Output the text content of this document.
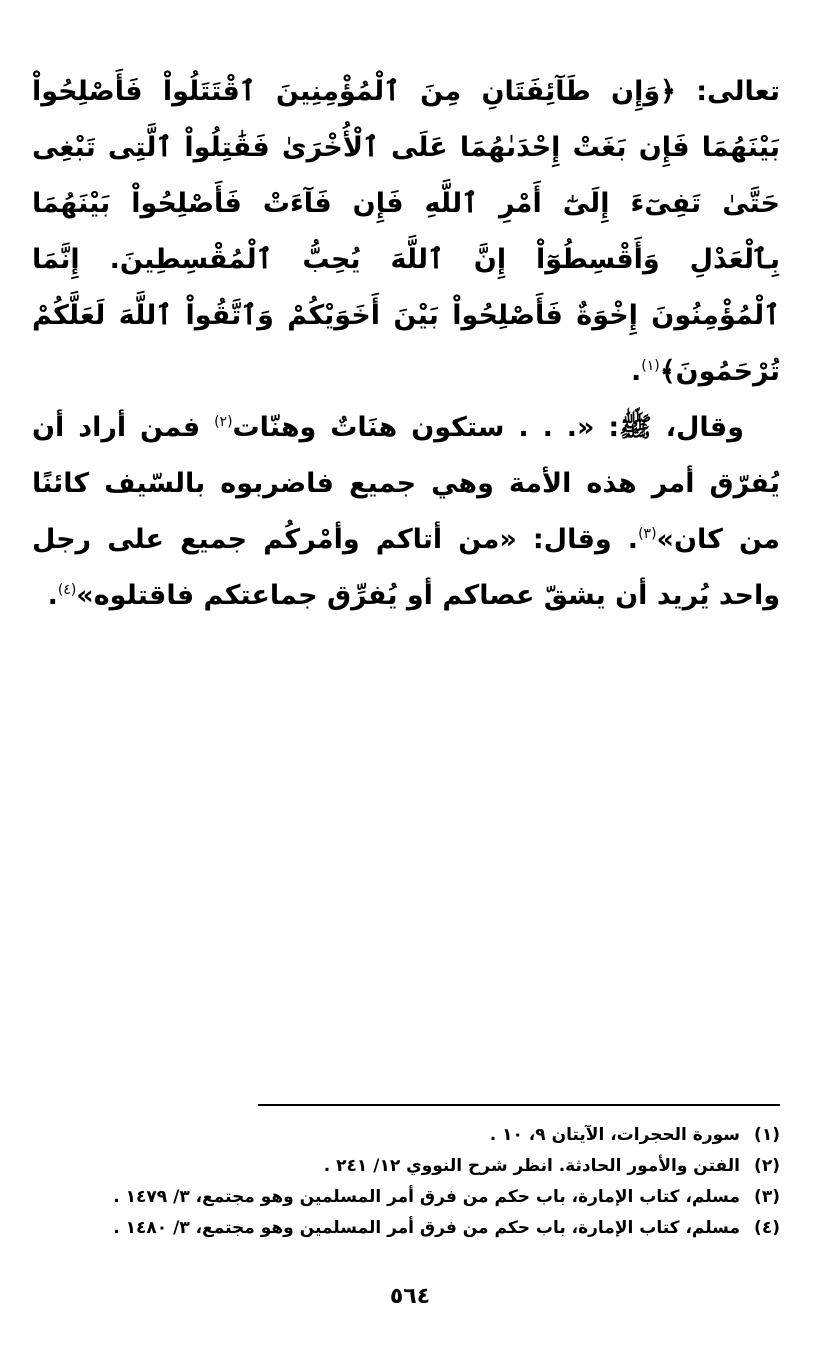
تعالى: ﴿وَإِن طَآئِفَتَانِ مِنَ ٱلْمُؤْمِنِينَ ٱقْتَتَلُواْ فَأَصْلِحُواْ بَيْنَهُمَا فَإِن بَغَتْ إِحْدَىٰهُمَا عَلَى ٱلْأُخْرَىٰ فَقَٰتِلُواْ ٱلَّتِى تَبْغِى حَتَّىٰ تَفِىٓءَ إِلَىٰٓ أَمْرِ ٱللَّهِ فَإِن فَآءَتْ فَأَصْلِحُواْ بَيْنَهُمَا بِٱلْعَدْلِ وَأَقْسِطُوٓاْ إِنَّ ٱللَّهَ يُحِبُّ ٱلْمُقْسِطِينَ. إِنَّمَا ٱلْمُؤْمِنُونَ إِخْوَةٌ فَأَصْلِحُواْ بَيْنَ أَخَوَيْكُمْ وَٱتَّقُواْ ٱللَّهَ لَعَلَّكُمْ تُرْحَمُونَ﴾$^{(١)}$.

وقال، ﷺ: «. . . ستكون هنَاتٌ وهنّات$^{(٢)}$ فمن أراد أن يُفرّق أمر هذه الأمة وهي جميع فاضربوه بالسّيف كائنًا من كان»$^{(٣)}$. وقال: «من أتاكم وأمْركُم جميع على رجل واحد يُريد أن يشقّ عصاكم أو يُفرِّق جماعتكم فاقتلوه»$^{(٤)}$.

(١)
سورة الحجرات، الآيتان ٩، ١٠ .
(٢)
الفتن والأمور الحادثة. انظر شرح النووي ١٢/ ٢٤١ .
(٣)
مسلم، كتاب الإمارة، باب حكم من فرق أمر المسلمين وهو مجتمع، ٣/ ١٤٧٩ .
(٤)
مسلم، كتاب الإمارة، باب حكم من فرق أمر المسلمين وهو مجتمع، ٣/ ١٤٨٠ .
٥٦٤
